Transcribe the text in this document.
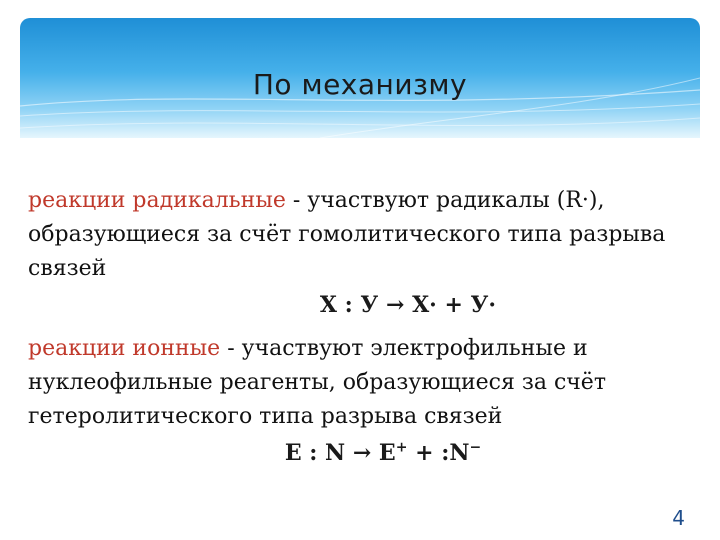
По механизму

реакции радикальные - участвуют радикалы (R·), образующиеся за счёт гомолитического типа разрыва связей

Х : У → Х· + У·

реакции ионные - участвуют электрофильные и нуклеофильные реагенты, образующиеся за счёт гетеролитического типа разрыва связей

E : N → E+ + :N−
4
